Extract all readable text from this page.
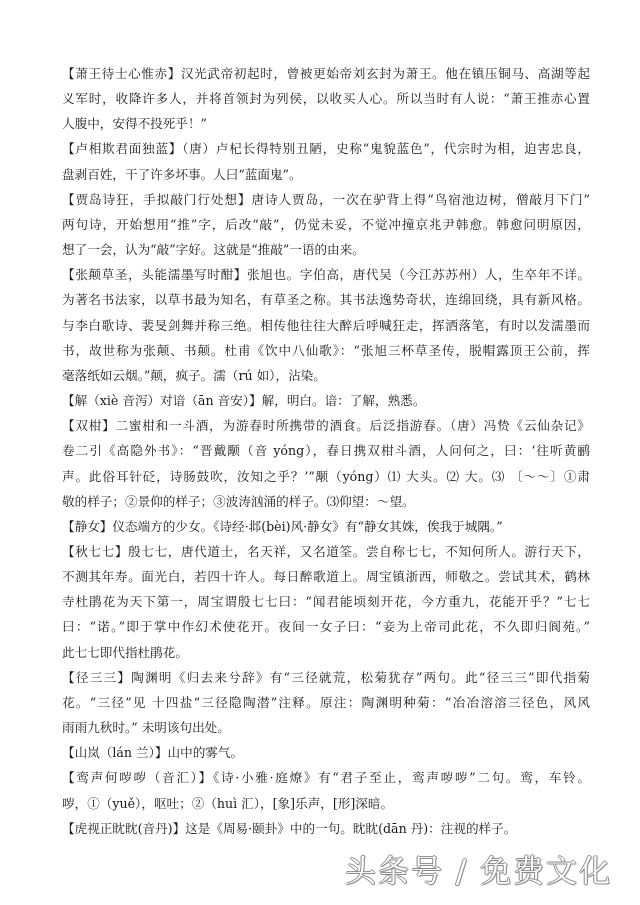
【萧王待士心惟赤】汉光武帝初起时，曾被更始帝刘玄封为萧王。他在镇压铜马、高湖等起
义军时，收降许多人，并将首领封为列侯，以收买人心。所以当时有人说：“萧王推赤心置
人腹中，安得不投死乎！”
【卢相欺君面独蓝】（唐）卢杞长得特别丑陋，史称“鬼貌蓝色”，代宗时为相，迫害忠良，
盘剥百姓，干了许多坏事。人曰“蓝面鬼”。
【贾岛诗狂，手拟敲门行处想】唐诗人贾岛，一次在驴背上得“鸟宿池边树，僧敲月下门”
两句诗，开始想用“推”字，后改“敲”，仍觉未妥，不觉冲撞京兆尹韩愈。韩愈问明原因，
想了一会，认为“敲”字好。这就是“推敲”一语的由来。
【张颠草圣，头能濡墨写时酣】张旭也。字伯高，唐代吴（今江苏苏州）人，生卒年不详。
为著名书法家，以草书最为知名，有草圣之称。其书法逸势奇状，连绵回绕，具有新风格。
与李白歌诗、裴旻剑舞并称三绝。相传他往往大醉后呼喊狂走，挥洒落笔，有时以发濡墨而
书，故世称为张颠、书颠。杜甫《饮中八仙歌》：“张旭三杯草圣传，脱帽露顶王公前，挥
毫落纸如云烟。”颠，疯子。濡（rú 如），沾染。
【解（xiè 音泻）对谙（ān 音安）】解，明白。谙：了解，熟悉。
【双柑】二蜜柑和一斗酒，为游春时所携带的酒食。后泛指游春。（唐）冯贽《云仙杂记》
卷二引《高隐外书》：“晋戴颙（音 yóng），春日携双柑斗酒，人问何之，曰：‘往听黄鹂
声。此俗耳针砭，诗肠鼓吹，汝知之乎？’”颙（yóng）⑴ 大头。⑵ 大。⑶ 〔～～〕①肃
敬的样子；②景仰的样子；③波涛汹涌的样子。⑶仰望：～望。
【静女】仪态端方的少女。《诗经·邶(bèi)风·静女》有“静女其姝，俟我于城隅。”
【秋七七】殷七七，唐代道士，名天祥，又名道筌。尝自称七七，不知何所人。游行天下，
不测其年寿。面光白，若四十许人。每日醉歌道上。周宝镇浙西，师敬之。尝试其术，鹤林
寺杜鹃花为天下第一，周宝谓殷七七曰：“闻君能顷刻开花，今方重九，花能开乎？”七七
曰：“诺。”即于掌中作幻术使花开。夜间一女子曰：“妾为上帝司此花，不久即归阆苑。”
此七七即代指杜鹃花。
【径三三】陶渊明《归去来兮辞》有“三径就荒，松菊犹存”两句。此“径三三”即代指菊
花。“三径”见 十四盐“三径隐陶潜”注释。原注：陶渊明种菊：“冶冶溶溶三径色，风风
雨雨九秋时。” 未明该句出处。
【山岚（lán 兰）】山中的雾气。
【鸾声何哕哕（音汇）】《诗·小雅·庭燎》有“君子至止，鸾声哕哕”二句。鸾，车铃。
哕，①（yuě），呕吐；②（huì 汇），[象]乐声，[形]深暗。
【虎视正眈眈(音丹)】这是《周易·颐卦》中的一句。眈眈(dān 丹)：注视的样子。
头条号 / 免费文化
